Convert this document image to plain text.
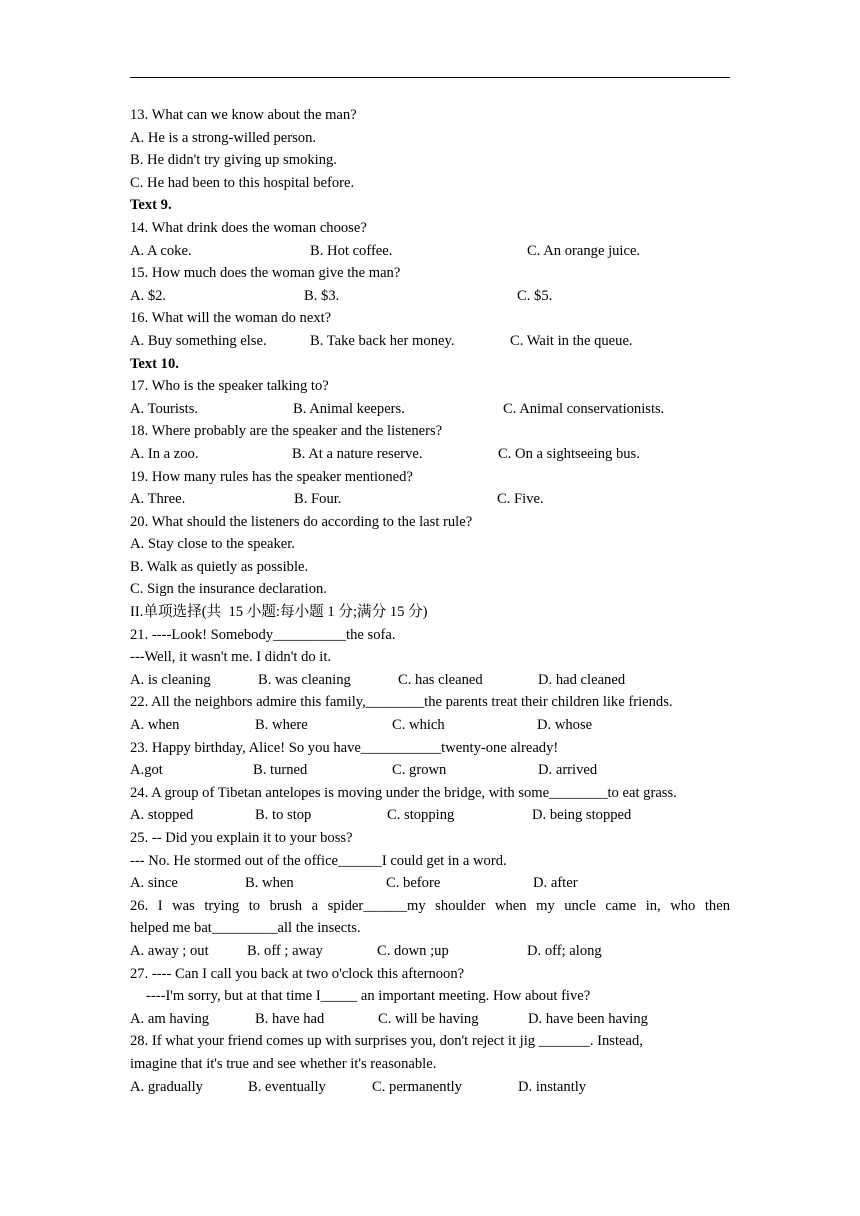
13. What can we know about the man?
A. He is a strong-willed person.
B. He didn't try giving up smoking.
C. He had been to this hospital before.
Text 9.
14. What drink does the woman choose?
A. A coke.	B. Hot coffee.	C. An orange juice.
15. How much does the woman give the man?
A. $2.	B. $3.	C. $5.
16. What will the woman do next?
A. Buy something else.	B. Take back her money.	C. Wait in the queue.
Text 10.
17. Who is the speaker talking to?
A. Tourists.	B. Animal keepers.	C. Animal conservationists.
18. Where probably are the speaker and the listeners?
A. In a zoo.	B. At a nature reserve.	C. On a sightseeing bus.
19. How many rules has the speaker mentioned?
A. Three.	B. Four.	C. Five.
20. What should the listeners do according to the last rule?
A. Stay close to the speaker.
B. Walk as quietly as possible.
C. Sign the insurance declaration.
II.单项选择(共  15 小题:每小题 1 分;满分 15 分)
21. ----Look! Somebody__________the sofa.
---Well, it wasn't me. I didn't do it.
A. is cleaning	B. was cleaning	C. has cleaned	D. had cleaned
22. All the neighbors admire this family,________the parents treat their children like friends.
A. when	B. where	C. which	D. whose
23. Happy birthday, Alice! So you have___________twenty-one already!
A.got	B. turned	C. grown	D. arrived
24. A group of Tibetan antelopes is moving under the bridge, with some________to eat grass.
A. stopped	B. to stop	C. stopping	D. being stopped
25. -- Did you explain it to your boss?
--- No. He stormed out of the office______I could get in a word.
A. since	B. when	C. before	D. after
26. I was trying to brush a spider______my shoulder when my uncle came in, who then
helped me bat_________all the insects.
A. away ; out	B. off ; away	C. down ;up	D. off; along
27. ---- Can I call you back at two o'clock this afternoon?
----I'm sorry, but at that time I_____ an important meeting. How about five?
A. am having	B. have had	C. will be having	D. have been having
28. If what your friend comes up with surprises you, don't reject it jig _______. Instead,
imagine that it's true and see whether it's reasonable.
A. gradually	B. eventually	C. permanently	D. instantly
